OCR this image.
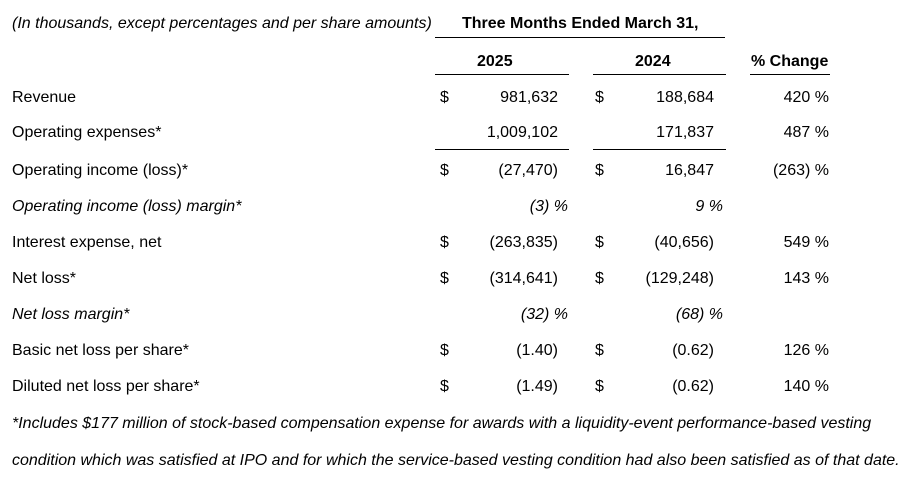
(In thousands, except percentages and per share amounts) Three Months Ended March 31,
2025	2024	% Change
Revenue	$	981,632 $	188,684	420 %
Operating expenses*	1,009,102	171,837	487 %
Operating income (loss)*	$	(27,470) $	16,847	(263) %
Operating income (loss) margin*	(3) %	9 %
Interest expense, net	$	(263,835) $	(40,656)	549 %
Net loss*	$	(314,641) $	(129,248)	143 %
Net loss margin*	(32) %	(68) %
Basic net loss per share*	$	(1.40) $	(0.62)	126 %
Diluted net loss per share*	$	(1.49) $	(0.62)	140 %
*Includes $177 million of stock-based compensation expense for awards with a liquidity-event performance-based vesting
condition which was satisfied at IPO and for which the service-based vesting condition had also been satisfied as of that date.
